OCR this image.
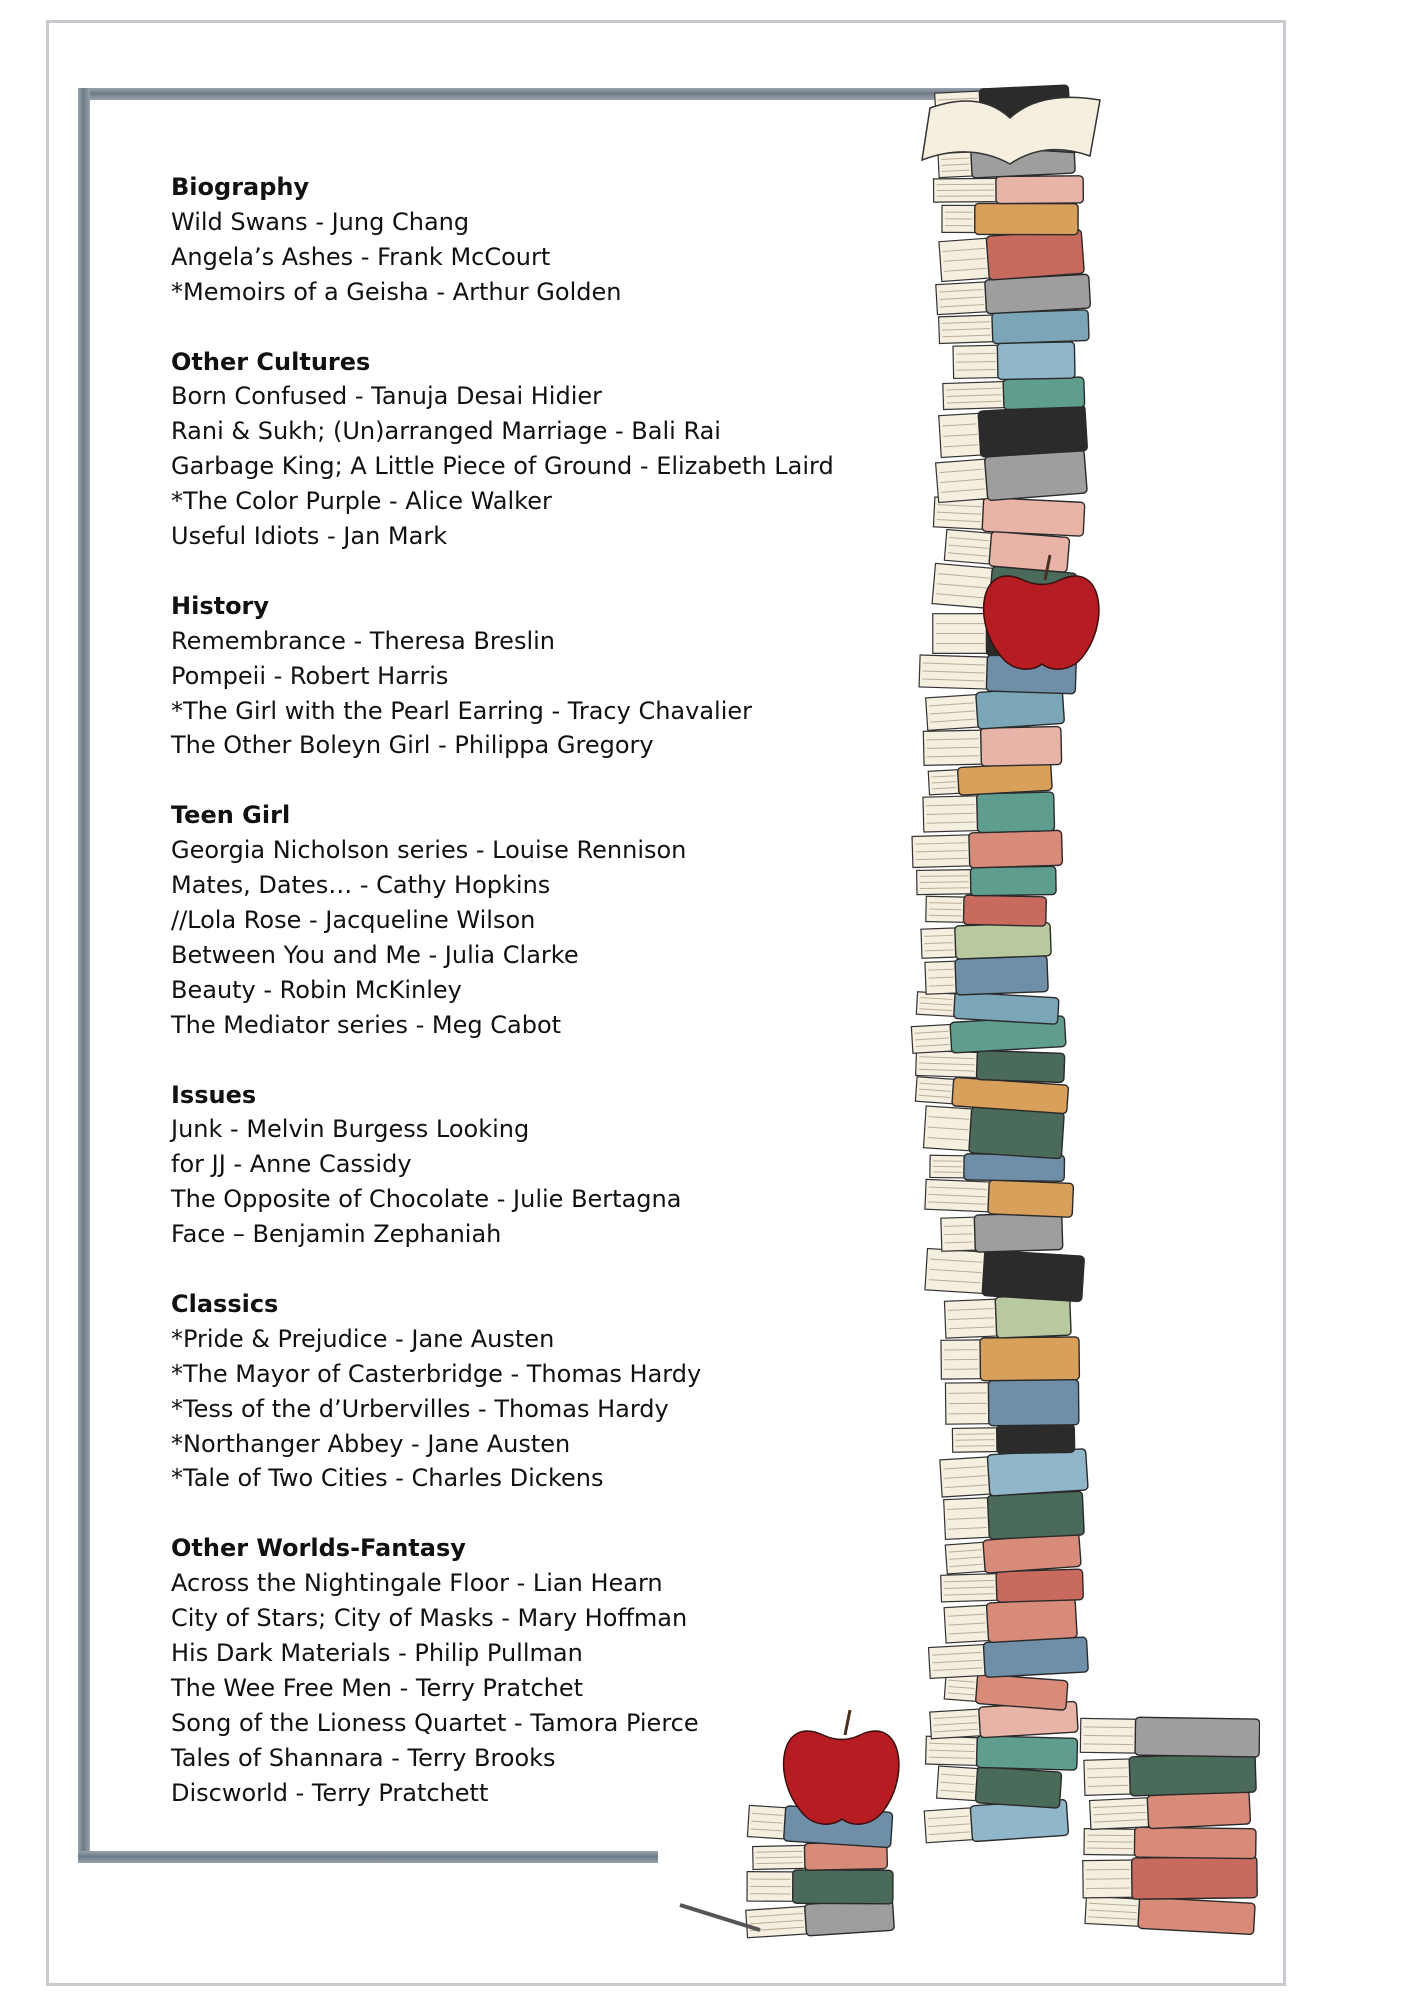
Biography
Wild Swans - Jung Chang
Angela’s Ashes - Frank McCourt
*Memoirs of a Geisha - Arthur Golden
Other Cultures
Born Confused - Tanuja Desai Hidier
Rani & Sukh; (Un)arranged Marriage - Bali Rai
Garbage King; A Little Piece of Ground - Elizabeth Laird
*The Color Purple - Alice Walker
Useful Idiots - Jan Mark
History
Remembrance - Theresa Breslin
Pompeii - Robert Harris
*The Girl with the Pearl Earring - Tracy Chavalier
The Other Boleyn Girl - Philippa Gregory
Teen Girl
Georgia Nicholson series - Louise Rennison
Mates, Dates… - Cathy Hopkins
//Lola Rose - Jacqueline Wilson
Between You and Me - Julia Clarke
Beauty - Robin McKinley
The Mediator series - Meg Cabot
Issues
Junk - Melvin Burgess Looking
for JJ - Anne Cassidy
The Opposite of Chocolate - Julie Bertagna
Face – Benjamin Zephaniah
Classics
*Pride & Prejudice - Jane Austen
*The Mayor of Casterbridge - Thomas Hardy
*Tess of the d’Urbervilles - Thomas Hardy
*Northanger Abbey - Jane Austen
*Tale of Two Cities - Charles Dickens
Other Worlds-Fantasy
Across the Nightingale Floor - Lian Hearn
City of Stars; City of Masks - Mary Hoffman
His Dark Materials - Philip Pullman
The Wee Free Men - Terry Pratchet
Song of the Lioness Quartet - Tamora Pierce
Tales of Shannara - Terry Brooks
Discworld - Terry Pratchett
